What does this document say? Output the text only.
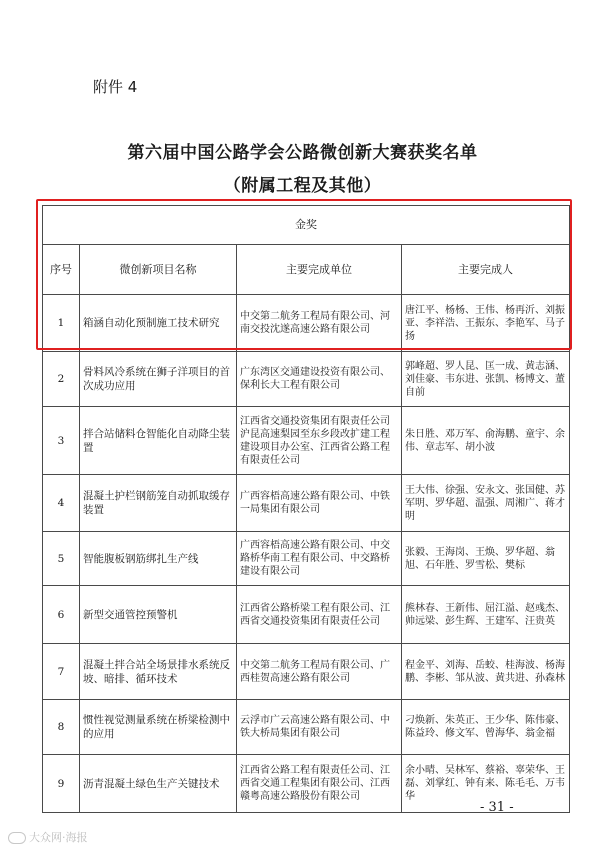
附件 4
第六届中国公路学会公路微创新大赛获奖名单
（附属工程及其他）
金奖			
序号	微创新项目名称	主要完成单位	主要完成人
1	箱涵自动化预制施工技术研究	中交第二航务工程局有限公司、河南交投沈遂高速公路有限公司	唐江平、杨杨、王伟、杨再沂、刘振亚、李祥浩、王振东、李艳军、马子扬
2	骨料风冷系统在狮子洋项目的首次成功应用	广东湾区交通建设投资有限公司、保利长大工程有限公司	郭峰超、罗人昆、匡一成、黄志涵、刘佳豪、韦东进、张凯、杨博文、董自前
3	拌合站储料仓智能化自动降尘装置	江西省交通投资集团有限责任公司沪昆高速梨园至东乡段改扩建工程建设项目办公室、江西省公路工程有限责任公司	朱日胜、邓万军、俞海鹏、童宇、余伟、章志军、胡小波
4	混凝土护栏钢筋笼自动抓取缓存装置	广西容梧高速公路有限公司、中铁一局集团有限公司	王大伟、徐强、安永文、张国健、苏军明、罗华超、温强、周湘广、蒋才明
5	智能腹板钢筋绑扎生产线	广西容梧高速公路有限公司、中交路桥华南工程有限公司、中交路桥建设有限公司	张毅、王海岗、王焕、罗华超、翁旭、石年胜、罗雪松、樊标
6	新型交通管控预警机	江西省公路桥梁工程有限公司、江西省交通投资集团有限责任公司	熊林春、王新伟、屈江溢、赵彧杰、帅远梁、彭生辉、王建军、汪贵英
7	混凝土拌合站全场景排水系统反坡、暗排、循环技术	中交第二航务工程局有限公司、广西桂贺高速公路有限公司	程金平、刘海、岳蛟、桂海波、杨海鹏、李彬、邹从波、黄共进、孙森林
8	惯性视觉测量系统在桥梁检测中的应用	云浮市广云高速公路有限公司、中铁大桥局集团有限公司	刁焕新、朱英正、王少华、陈伟豪、陈益玲、修文军、曾海华、翁金福
9	沥青混凝土绿色生产关键技术	江西省公路工程有限责任公司、江西省交通工程集团有限公司、江西赣粤高速公路股份有限公司	余小晴、吴林军、蔡裕、辜荣华、王磊、刘掌红、钟有来、陈毛毛、万韦华
- 31 -
大众网·海报
